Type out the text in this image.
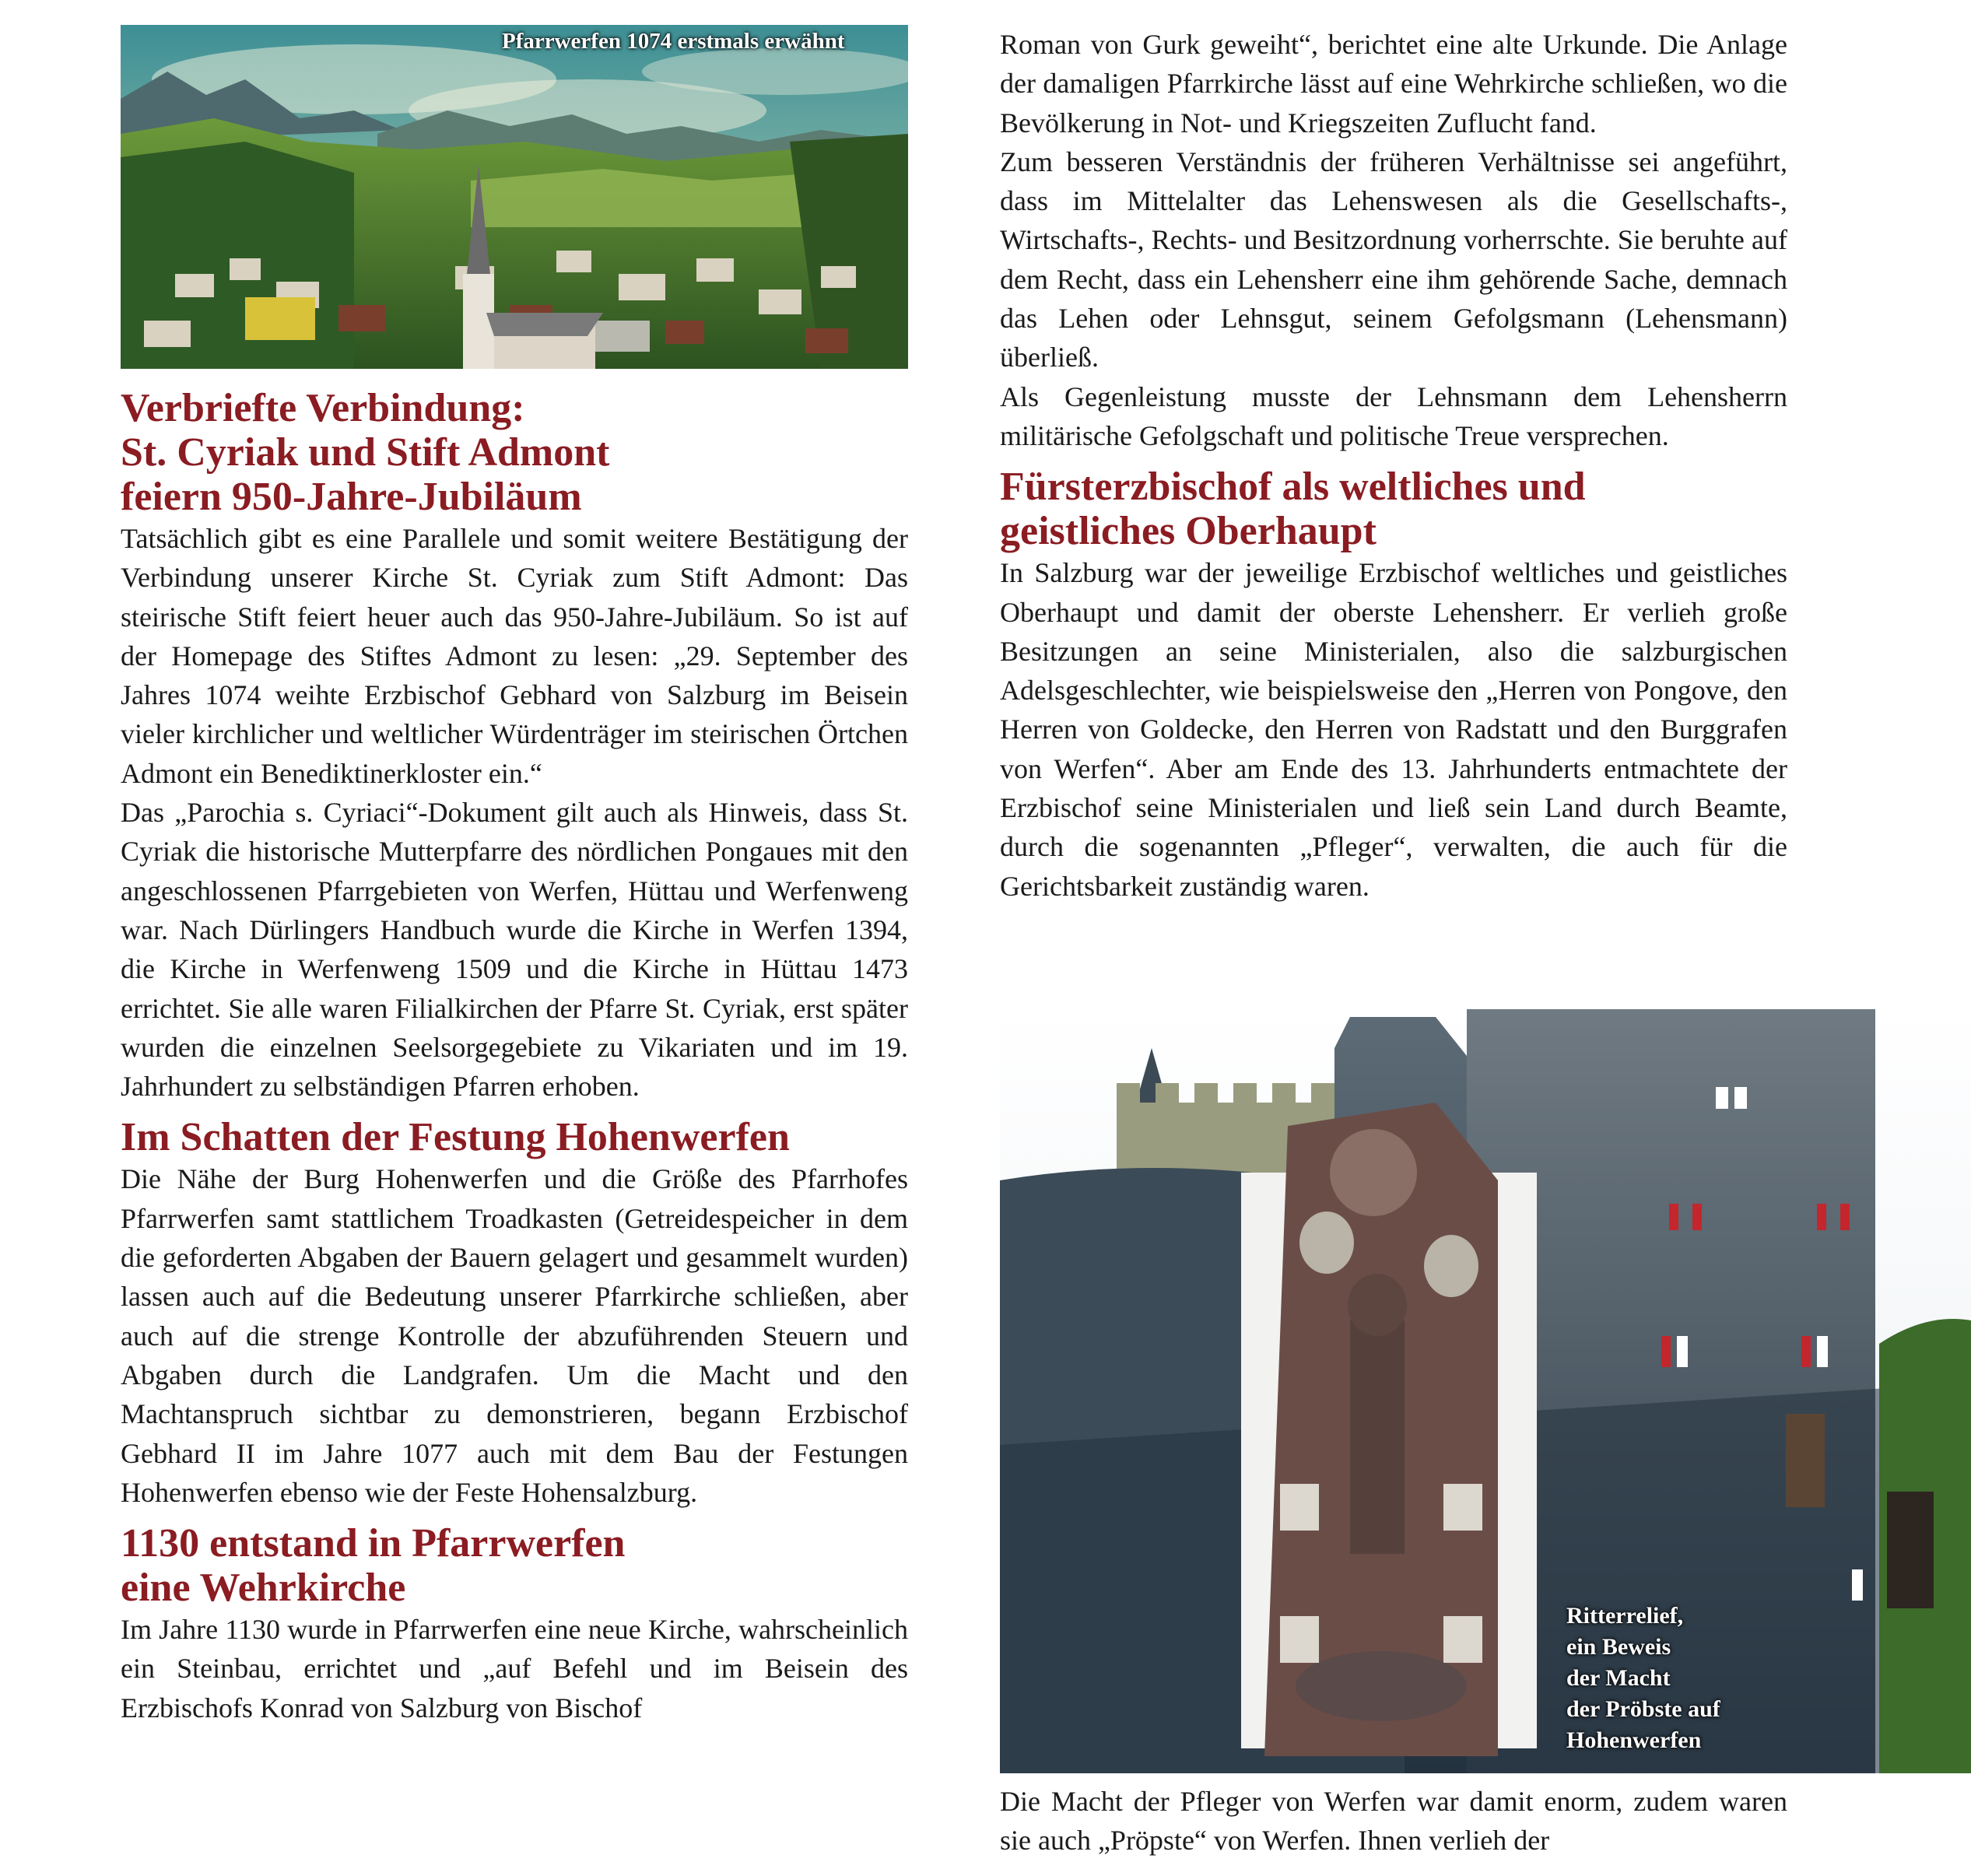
Pfarrwerfen 1074 erstmals erwähnt
Verbriefte Verbindung:
St. Cyriak und Stift Admont
feiern 950-Jahre-Jubiläum

Tatsächlich gibt es eine Parallele und somit weitere Bestätigung der Verbindung unserer Kirche St. Cyriak zum Stift Admont: Das steirische Stift feiert heuer auch das 950-Jahre-Jubiläum. So ist auf der Homepage des Stiftes Admont zu lesen: „29. September des Jahres 1074 weihte Erzbischof Gebhard von Salzburg im Beisein vieler kirchlicher und weltlicher Würdenträger im steirischen Örtchen Admont ein Benediktinerkloster ein.“

Das „Parochia s. Cyriaci“-Dokument gilt auch als Hinweis, dass St. Cyriak die historische Mutterpfarre des nördlichen Pongaues mit den angeschlossenen Pfarrgebieten von Werfen, Hüttau und Werfenweng war. Nach Dürlingers Handbuch wurde die Kirche in Werfen 1394, die Kirche in Werfenweng 1509 und die Kirche in Hüttau 1473 errichtet. Sie alle waren Filialkirchen der Pfarre St. Cyriak, erst später wurden die einzelnen Seelsorgegebiete zu Vikariaten und im 19. Jahrhundert zu selbständigen Pfarren erhoben.

Im Schatten der Festung Hohenwerfen

Die Nähe der Burg Hohenwerfen und die Größe des Pfarrhofes Pfarrwerfen samt stattlichem Troadkasten (Getreidespeicher in dem die geforderten Abgaben der Bauern gelagert und gesammelt wurden) lassen auch auf die Bedeutung unserer Pfarrkirche schließen, aber auch auf die strenge Kontrolle der abzuführenden Steuern und Abgaben durch die Landgrafen. Um die Macht und den Machtanspruch sichtbar zu demonstrieren, begann Erzbischof Gebhard II im Jahre 1077 auch mit dem Bau der Festungen Hohenwerfen ebenso wie der Feste Hohensalzburg.

1130 entstand in Pfarrwerfen
eine Wehrkirche

Im Jahre 1130 wurde in Pfarrwerfen eine neue Kirche, wahrscheinlich ein Steinbau, errichtet und „auf Befehl und im Beisein des Erzbischofs Konrad von Salzburg von Bischof

Roman von Gurk geweiht“, berichtet eine alte Urkunde. Die Anlage der damaligen Pfarrkirche lässt auf eine Wehrkirche schließen, wo die Bevölkerung in Not- und Kriegszeiten Zuflucht fand.

Zum besseren Verständnis der früheren Verhältnisse sei angeführt, dass im Mittelalter das Lehenswesen als die Gesellschafts-, Wirtschafts-, Rechts- und Besitzordnung vorherrschte. Sie beruhte auf dem Recht, dass ein Lehensherr eine ihm gehörende Sache, demnach das Lehen oder Lehnsgut, seinem Gefolgsmann (Lehensmann) überließ.

Als Gegenleistung musste der Lehnsmann dem Lehensherrn militärische Gefolgschaft und politische Treue versprechen.

Fürsterzbischof als weltliches und
geistliches Oberhaupt

In Salzburg war der jeweilige Erzbischof weltliches und geistliches Oberhaupt und damit der oberste Lehensherr. Er verlieh große Besitzungen an seine Ministerialen, also die salzburgischen Adelsgeschlechter, wie beispielsweise den „Herren von Pongove, den Herren von Goldecke, den Herren von Radstatt und den Burggrafen von Werfen“. Aber am Ende des 13. Jahrhunderts entmachtete der Erzbischof seine Ministerialen und ließ sein Land durch Beamte, durch die sogenannten „Pfleger“, verwalten, die auch für die Gerichtsbarkeit zuständig waren.

Ritterrelief,
ein Beweis
der Macht
der Pröbste auf
Hohenwerfen

Die Macht der Pfleger von Werfen war damit enorm, zudem waren sie auch „Pröpste“ von Werfen. Ihnen verlieh der
